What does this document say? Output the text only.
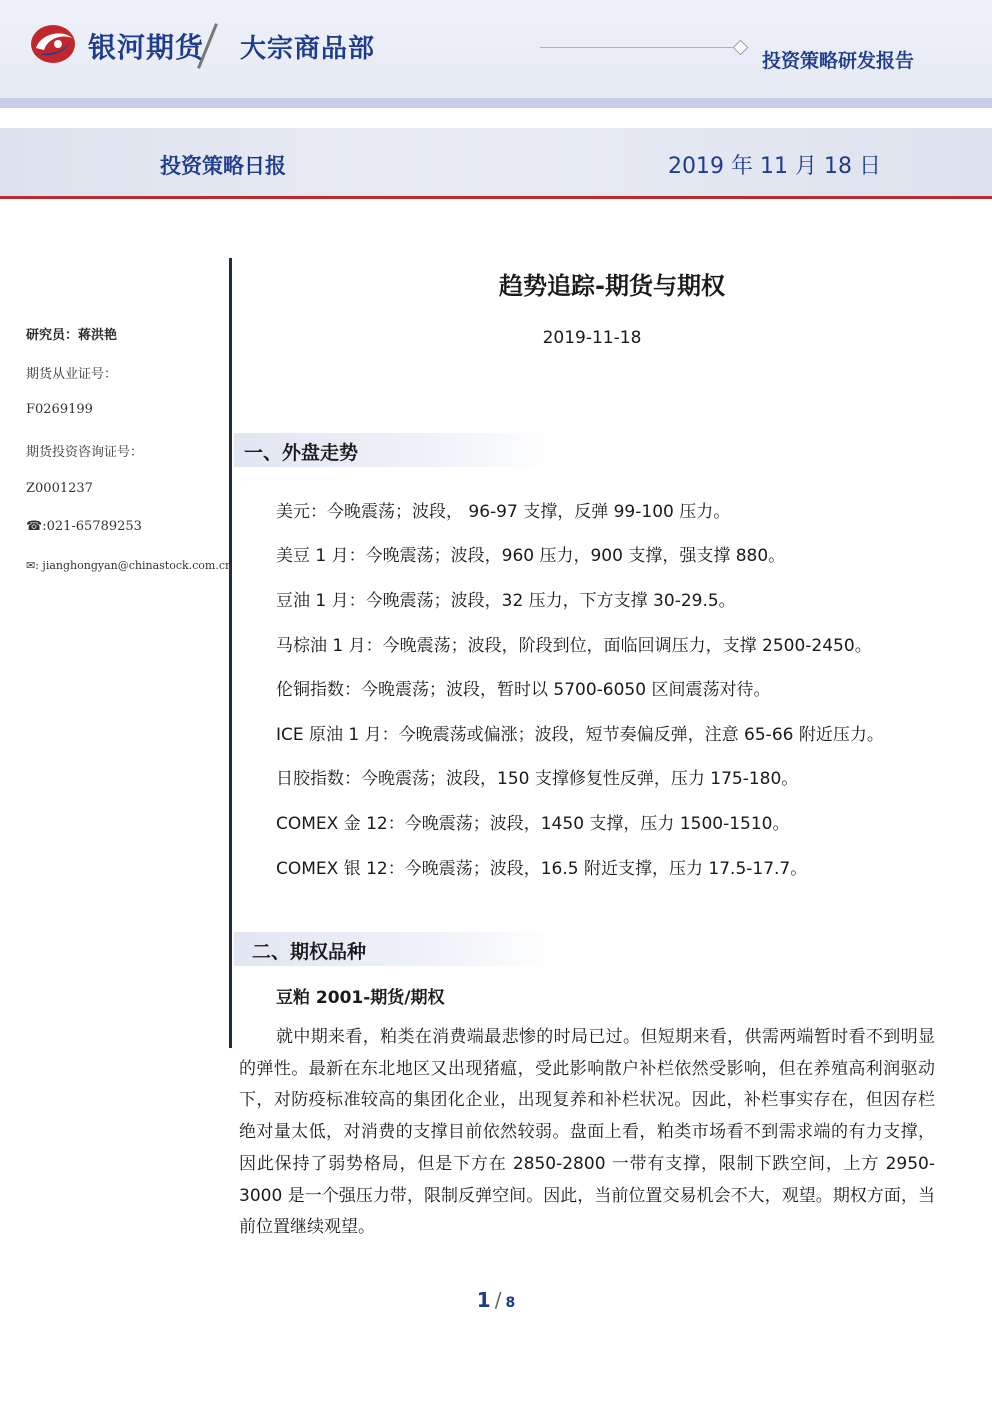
银河期货 大宗商品部	投资策略研发报告
投资策略日报	2019 年 11 月 18 日
研究员：蒋洪艳
期货从业证号：
F0269199
期货投资咨询证号：
Z0001237
☎:021-65789253
✉: jianghongyan@chinastock.com.cn
趋势追踪-期货与期权
2019-11-18
一、外盘走势
美元：今晚震荡；波段， 96-97 支撑，反弹 99-100 压力。
美豆 1 月：今晚震荡；波段，960 压力，900 支撑，强支撑 880。
豆油 1 月：今晚震荡；波段，32 压力，下方支撑 30-29.5。
马棕油 1 月：今晚震荡；波段，阶段到位，面临回调压力，支撑 2500-2450。
伦铜指数：今晚震荡；波段，暂时以 5700-6050 区间震荡对待。
ICE 原油 1 月：今晚震荡或偏涨；波段，短节奏偏反弹，注意 65-66 附近压力。
日胶指数：今晚震荡；波段，150 支撑修复性反弹，压力 175-180。
COMEX 金 12：今晚震荡；波段，1450 支撑，压力 1500-1510。
COMEX 银 12：今晚震荡；波段，16.5 附近支撑，压力 17.5-17.7。
二、期权品种
豆粕 2001-期货/期权
就中期来看，粕类在消费端最悲惨的时局已过。但短期来看，供需两端暂时看不到明显的弹性。最新在东北地区又出现猪瘟，受此影响散户补栏依然受影响，但在养殖高利润驱动下，对防疫标准较高的集团化企业，出现复养和补栏状况。因此，补栏事实存在，但因存栏绝对量太低，对消费的支撑目前依然较弱。盘面上看，粕类市场看不到需求端的有力支撑，因此保持了弱势格局，但是下方在 2850-2800 一带有支撑，限制下跌空间，上方 2950-3000 是一个强压力带，限制反弹空间。因此，当前位置交易机会不大，观望。期权方面，当前位置继续观望。
1 / 8
